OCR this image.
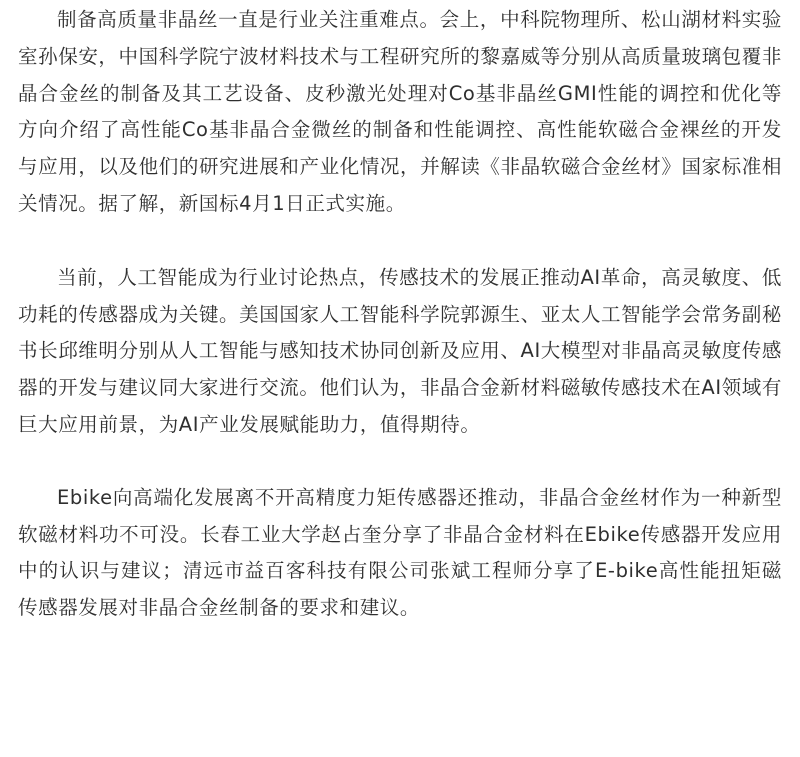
制备高质量非晶丝一直是行业关注重难点。会上，中科院物理所、松山湖材料实验室孙保安，中国科学院宁波材料技术与工程研究所的黎嘉威等分别从高质量玻璃包覆非晶合金丝的制备及其工艺设备、皮秒激光处理对Co基非晶丝GMI性能的调控和优化等方向介绍了高性能Co基非晶合金微丝的制备和性能调控、高性能软磁合金裸丝的开发与应用，以及他们的研究进展和产业化情况，并解读《非晶软磁合金丝材》国家标准相关情况。据了解，新国标4月1日正式实施。

当前，人工智能成为行业讨论热点，传感技术的发展正推动AI革命，高灵敏度、低功耗的传感器成为关键。美国国家人工智能科学院郭源生、亚太人工智能学会常务副秘书长邱维明分别从人工智能与感知技术协同创新及应用、AI大模型对非晶高灵敏度传感器的开发与建议同大家进行交流。他们认为，非晶合金新材料磁敏传感技术在AI领域有巨大应用前景，为AI产业发展赋能助力，值得期待。

Ebike向高端化发展离不开高精度力矩传感器还推动，非晶合金丝材作为一种新型软磁材料功不可没。长春工业大学赵占奎分享了非晶合金材料在Ebike传感器开发应用中的认识与建议；清远市益百客科技有限公司张斌工程师分享了E-bike高性能扭矩磁传感器发展对非晶合金丝制备的要求和建议。
